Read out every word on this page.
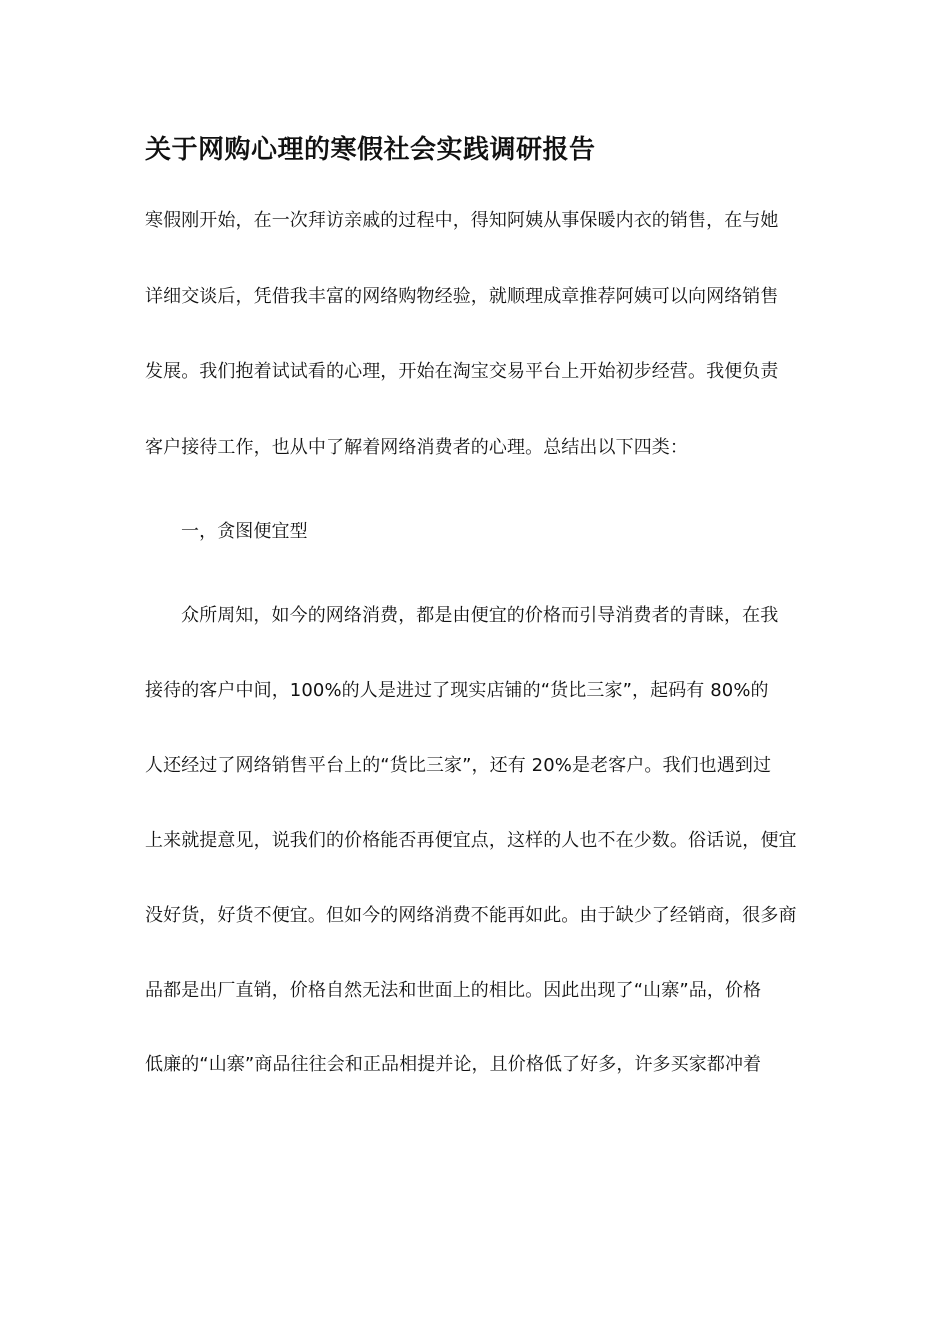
关于网购心理的寒假社会实践调研报告
寒假刚开始，在一次拜访亲戚的过程中，得知阿姨从事保暖内衣的销售，在与她
详细交谈后，凭借我丰富的网络购物经验，就顺理成章推荐阿姨可以向网络销售
发展。我们抱着试试看的心理，开始在淘宝交易平台上开始初步经营。我便负责
客户接待工作，也从中了解着网络消费者的心理。总结出以下四类：
一，贪图便宜型
众所周知，如今的网络消费，都是由便宜的价格而引导消费者的青睐，在我
接待的客户中间，100%的人是进过了现实店铺的“货比三家”，起码有 80%的
人还经过了网络销售平台上的“货比三家”，还有 20%是老客户。我们也遇到过
上来就提意见，说我们的价格能否再便宜点，这样的人也不在少数。俗话说，便宜
没好货，好货不便宜。但如今的网络消费不能再如此。由于缺少了经销商，很多商
品都是出厂直销，价格自然无法和世面上的相比。因此出现了“山寨”品，价格
低廉的“山寨”商品往往会和正品相提并论，且价格低了好多，许多买家都冲着
